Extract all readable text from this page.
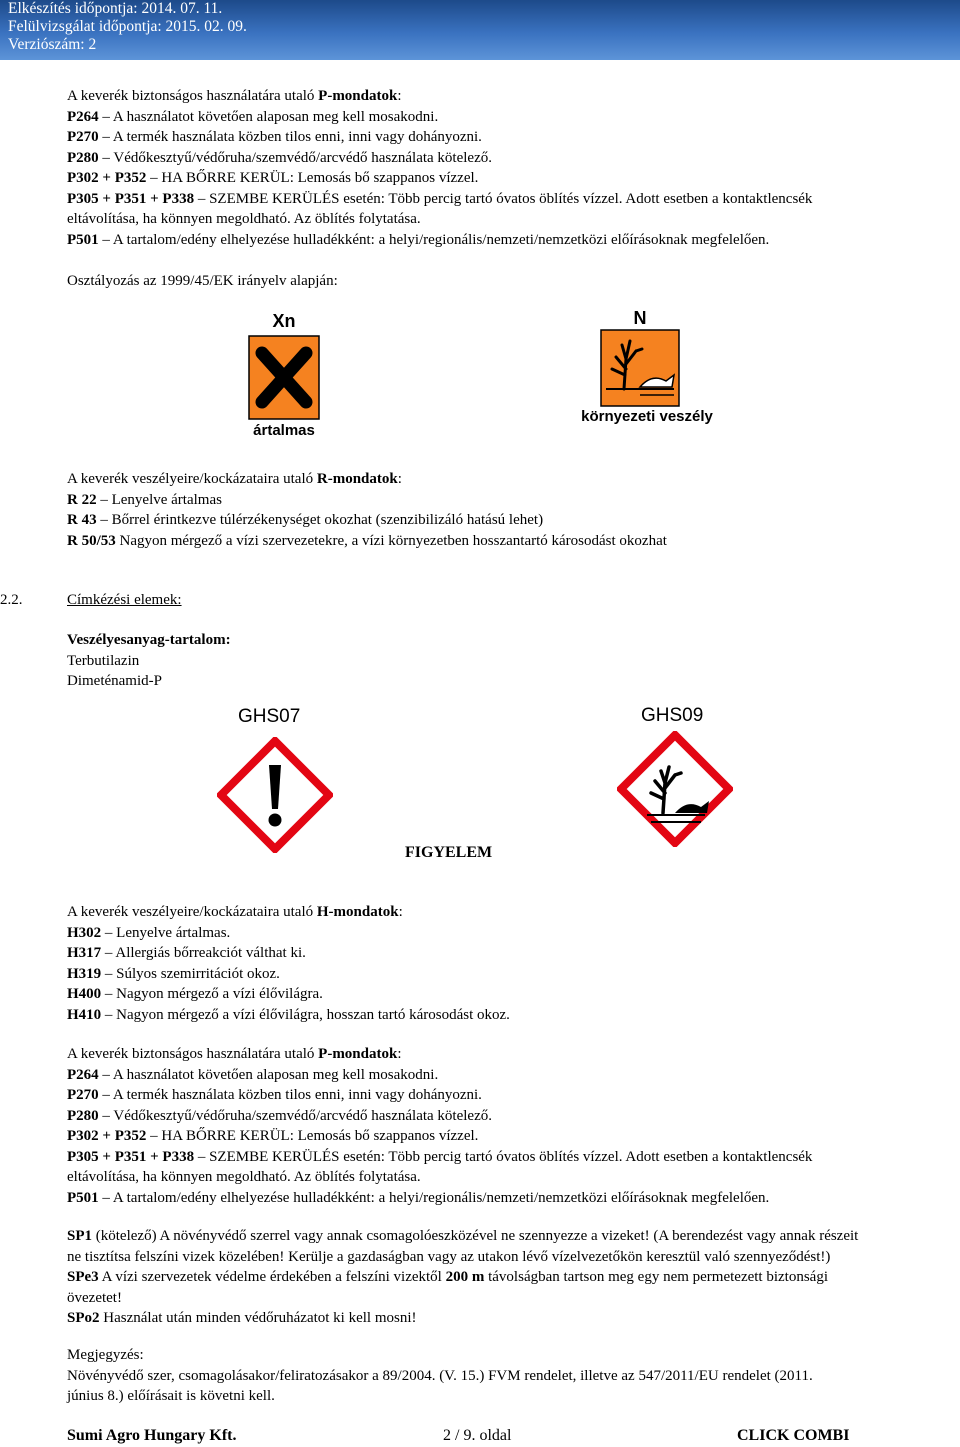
Elkészítés időpontja: 2014. 07. 11.
Felülvizsgálat időpontja: 2015. 02. 09.
Verziószám: 2
A keverék biztonságos használatára utaló P-mondatok:
P264 – A használatot követően alaposan meg kell mosakodni.
P270 – A termék használata közben tilos enni, inni vagy dohányozni.
P280 – Védőkesztyű/védőruha/szemvédő/arcvédő használata kötelező.
P302 + P352 – HA BŐRRE KERÜL: Lemosás bő szappanos vízzel.
P305 + P351 + P338 – SZEMBE KERÜLÉS esetén: Több percig tartó óvatos öblítés vízzel. Adott esetben a kontaktlencsék
eltávolítása, ha könnyen megoldható. Az öblítés folytatása.
P501 – A tartalom/edény elhelyezése hulladékként: a helyi/regionális/nemzeti/nemzetközi előírásoknak megfelelően.
Osztályozás az 1999/45/EK irányelv alapján:
Xn
ártalmas
N
környezeti veszély
A keverék veszélyeire/kockázataira utaló R-mondatok:
R 22 – Lenyelve ártalmas
R 43 – Bőrrel érintkezve túlérzékenységet okozhat (szenzibilizáló hatású lehet)
R 50/53 Nagyon mérgező a vízi szervezetekre, a vízi környezetben hosszantartó károsodást okozhat
2.2.	Címkézési elemek:
Veszélyesanyag-tartalom:
Terbutilazin
Dimeténamid-P
GHS07	GHS09
FIGYELEM
A keverék veszélyeire/kockázataira utaló H-mondatok:
H302 – Lenyelve ártalmas.
H317 – Allergiás bőrreakciót válthat ki.
H319 – Súlyos szemirritációt okoz.
H400 – Nagyon mérgező a vízi élővilágra.
H410 – Nagyon mérgező a vízi élővilágra, hosszan tartó károsodást okoz.
A keverék biztonságos használatára utaló P-mondatok:
P264 – A használatot követően alaposan meg kell mosakodni.
P270 – A termék használata közben tilos enni, inni vagy dohányozni.
P280 – Védőkesztyű/védőruha/szemvédő/arcvédő használata kötelező.
P302 + P352 – HA BŐRRE KERÜL: Lemosás bő szappanos vízzel.
P305 + P351 + P338 – SZEMBE KERÜLÉS esetén: Több percig tartó óvatos öblítés vízzel. Adott esetben a kontaktlencsék
eltávolítása, ha könnyen megoldható. Az öblítés folytatása.
P501 – A tartalom/edény elhelyezése hulladékként: a helyi/regionális/nemzeti/nemzetközi előírásoknak megfelelően.
SP1 (kötelező) A növényvédő szerrel vagy annak csomagolóeszközével ne szennyezze a vizeket! (A berendezést vagy annak részeit
ne tisztítsa felszíni vizek közelében! Kerülje a gazdaságban vagy az utakon lévő vízelvezetőkön keresztül való szennyeződést!)
SPe3 A vízi szervezetek védelme érdekében a felszíni vizektől 200 m távolságban tartson meg egy nem permetezett biztonsági
övezetet!
SPo2 Használat után minden védőruházatot ki kell mosni!
Megjegyzés:
Növényvédő szer, csomagolásakor/feliratozásakor a 89/2004. (V. 15.) FVM rendelet, illetve az 547/2011/EU rendelet (2011.
június 8.) előírásait is követni kell.
Sumi Agro Hungary Kft.	2 / 9. oldal	CLICK COMBI
